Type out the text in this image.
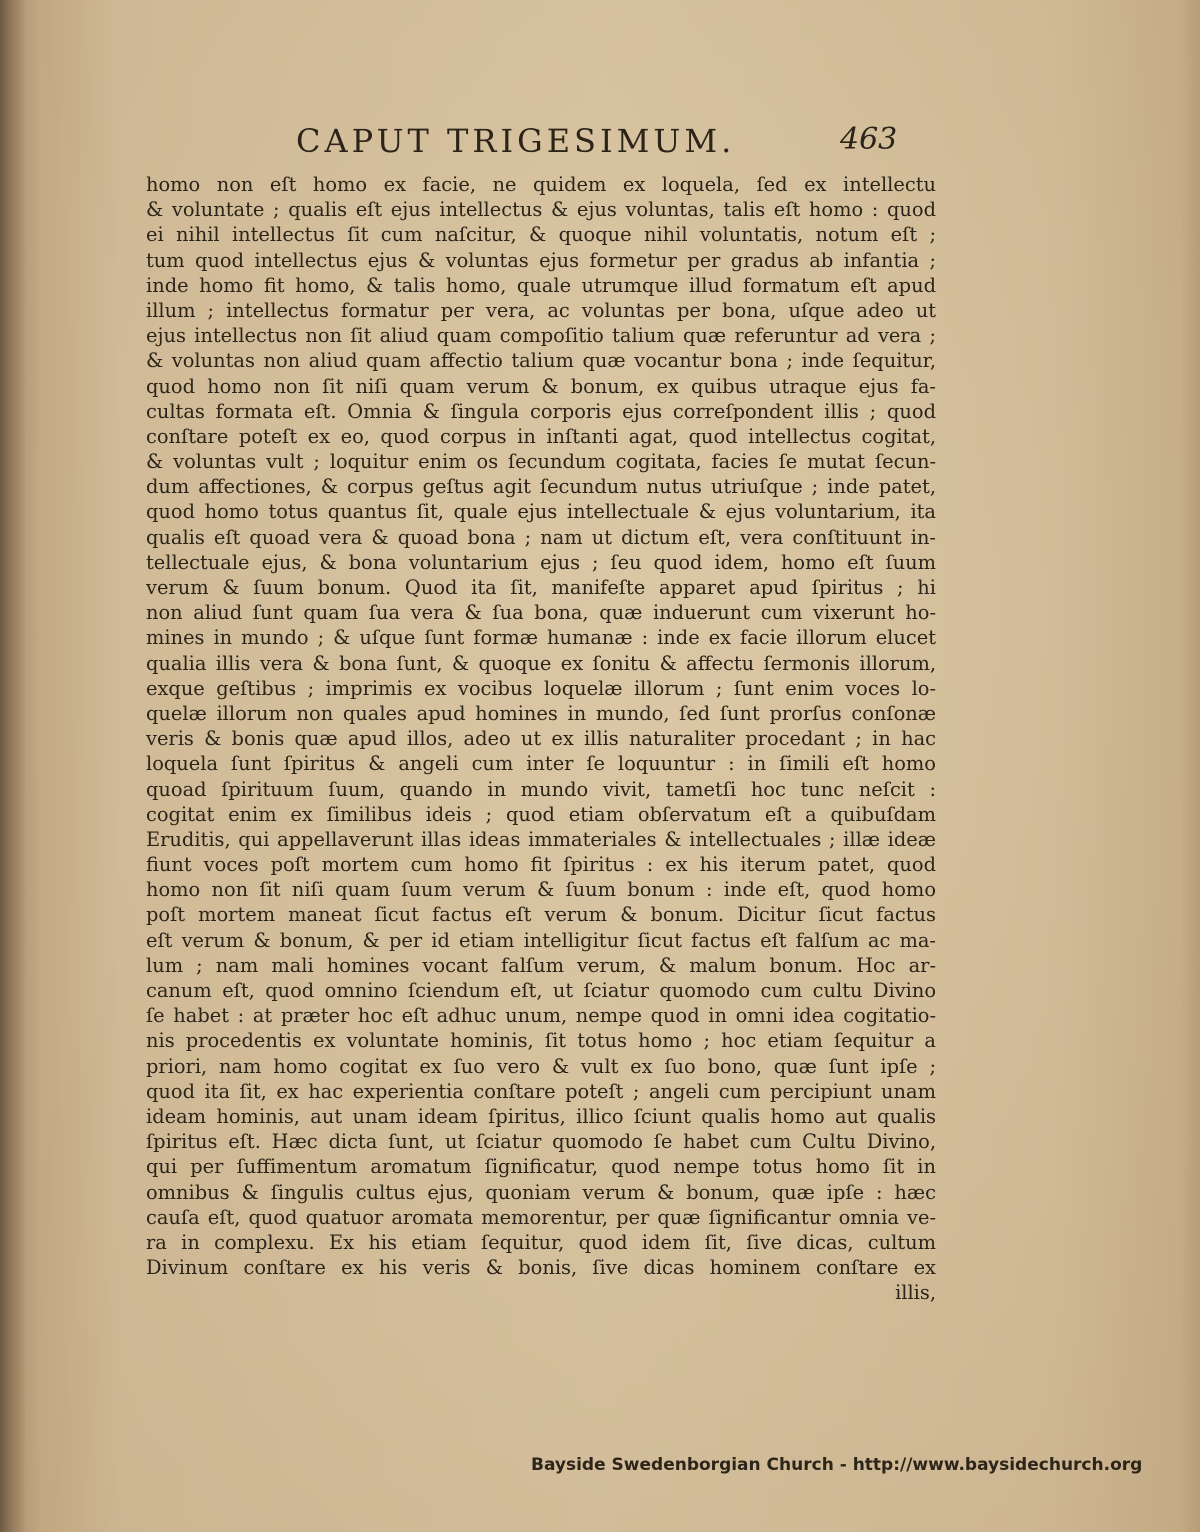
CAPUT TRIGESIMUM.	463
homo non eſt homo ex facie, ne quidem ex loquela, ſed ex intellectu
& voluntate ; qualis eſt ejus intellectus & ejus voluntas, talis eſt homo : quod
ei nihil intellectus ſit cum naſcitur, & quoque nihil voluntatis, notum eſt ;
tum quod intellectus ejus & voluntas ejus formetur per gradus ab infantia ;
inde homo fit homo, & talis homo, quale utrumque illud formatum eſt apud
illum ; intellectus formatur per vera, ac voluntas per bona, uſque adeo ut
ejus intellectus non ſit aliud quam compoſitio talium quæ referuntur ad vera ;
& voluntas non aliud quam affectio talium quæ vocantur bona ; inde ſequitur,
quod homo non ſit niſi quam verum & bonum, ex quibus utraque ejus fa-
cultas formata eſt. Omnia & ſingula corporis ejus correſpondent illis ; quod
conſtare poteſt ex eo, quod corpus in inſtanti agat, quod intellectus cogitat,
& voluntas vult ; loquitur enim os ſecundum cogitata, facies ſe mutat ſecun-
dum affectiones, & corpus geſtus agit ſecundum nutus utriuſque ; inde patet,
quod homo totus quantus ſit, quale ejus intellectuale & ejus voluntarium, ita
qualis eſt quoad vera & quoad bona ; nam ut dictum eſt, vera conſtituunt in-
tellectuale ejus, & bona voluntarium ejus ; ſeu quod idem, homo eſt ſuum
verum & ſuum bonum. Quod ita ſit, manifeſte apparet apud ſpiritus ; hi
non aliud ſunt quam ſua vera & ſua bona, quæ induerunt cum vixerunt ho-
mines in mundo ; & uſque ſunt formæ humanæ : inde ex facie illorum elucet
qualia illis vera & bona ſunt, & quoque ex ſonitu & affectu ſermonis illorum,
exque geſtibus ; imprimis ex vocibus loquelæ illorum ; ſunt enim voces lo-
quelæ illorum non quales apud homines in mundo, ſed ſunt prorſus conſonæ
veris & bonis quæ apud illos, adeo ut ex illis naturaliter procedant ; in hac
loquela ſunt ſpiritus & angeli cum inter ſe loquuntur : in ſimili eſt homo
quoad ſpirituum ſuum, quando in mundo vivit, tametſi hoc tunc neſcit :
cogitat enim ex ſimilibus ideis ; quod etiam obſervatum eſt a quibuſdam
Eruditis, qui appellaverunt illas ideas immateriales & intellectuales ; illæ ideæ
fiunt voces poſt mortem cum homo fit ſpiritus : ex his iterum patet, quod
homo non ſit niſi quam ſuum verum & ſuum bonum : inde eſt, quod homo
poſt mortem maneat ſicut factus eſt verum & bonum. Dicitur ſicut factus
eſt verum & bonum, & per id etiam intelligitur ſicut factus eſt falſum ac ma-
lum ; nam mali homines vocant falſum verum, & malum bonum. Hoc ar-
canum eſt, quod omnino ſciendum eſt, ut ſciatur quomodo cum cultu Divino
ſe habet : at præter hoc eſt adhuc unum, nempe quod in omni idea cogitatio-
nis procedentis ex voluntate hominis, ſit totus homo ; hoc etiam ſequitur a
priori, nam homo cogitat ex ſuo vero & vult ex ſuo bono, quæ ſunt ipſe ;
quod ita ſit, ex hac experientia conſtare poteſt ; angeli cum percipiunt unam
ideam hominis, aut unam ideam ſpiritus, illico ſciunt qualis homo aut qualis
ſpiritus eſt. Hæc dicta ſunt, ut ſciatur quomodo ſe habet cum Cultu Divino,
qui per ſuffimentum aromatum ſignificatur, quod nempe totus homo ſit in
omnibus & ſingulis cultus ejus, quoniam verum & bonum, quæ ipſe : hæc
cauſa eſt, quod quatuor aromata memorentur, per quæ ſignificantur omnia ve-
ra in complexu. Ex his etiam ſequitur, quod idem ſit, ſive dicas, cultum
Divinum conſtare ex his veris & bonis, ſive dicas hominem conſtare ex
illis,
Bayside Swedenborgian Church - http://www.baysidechurch.org
